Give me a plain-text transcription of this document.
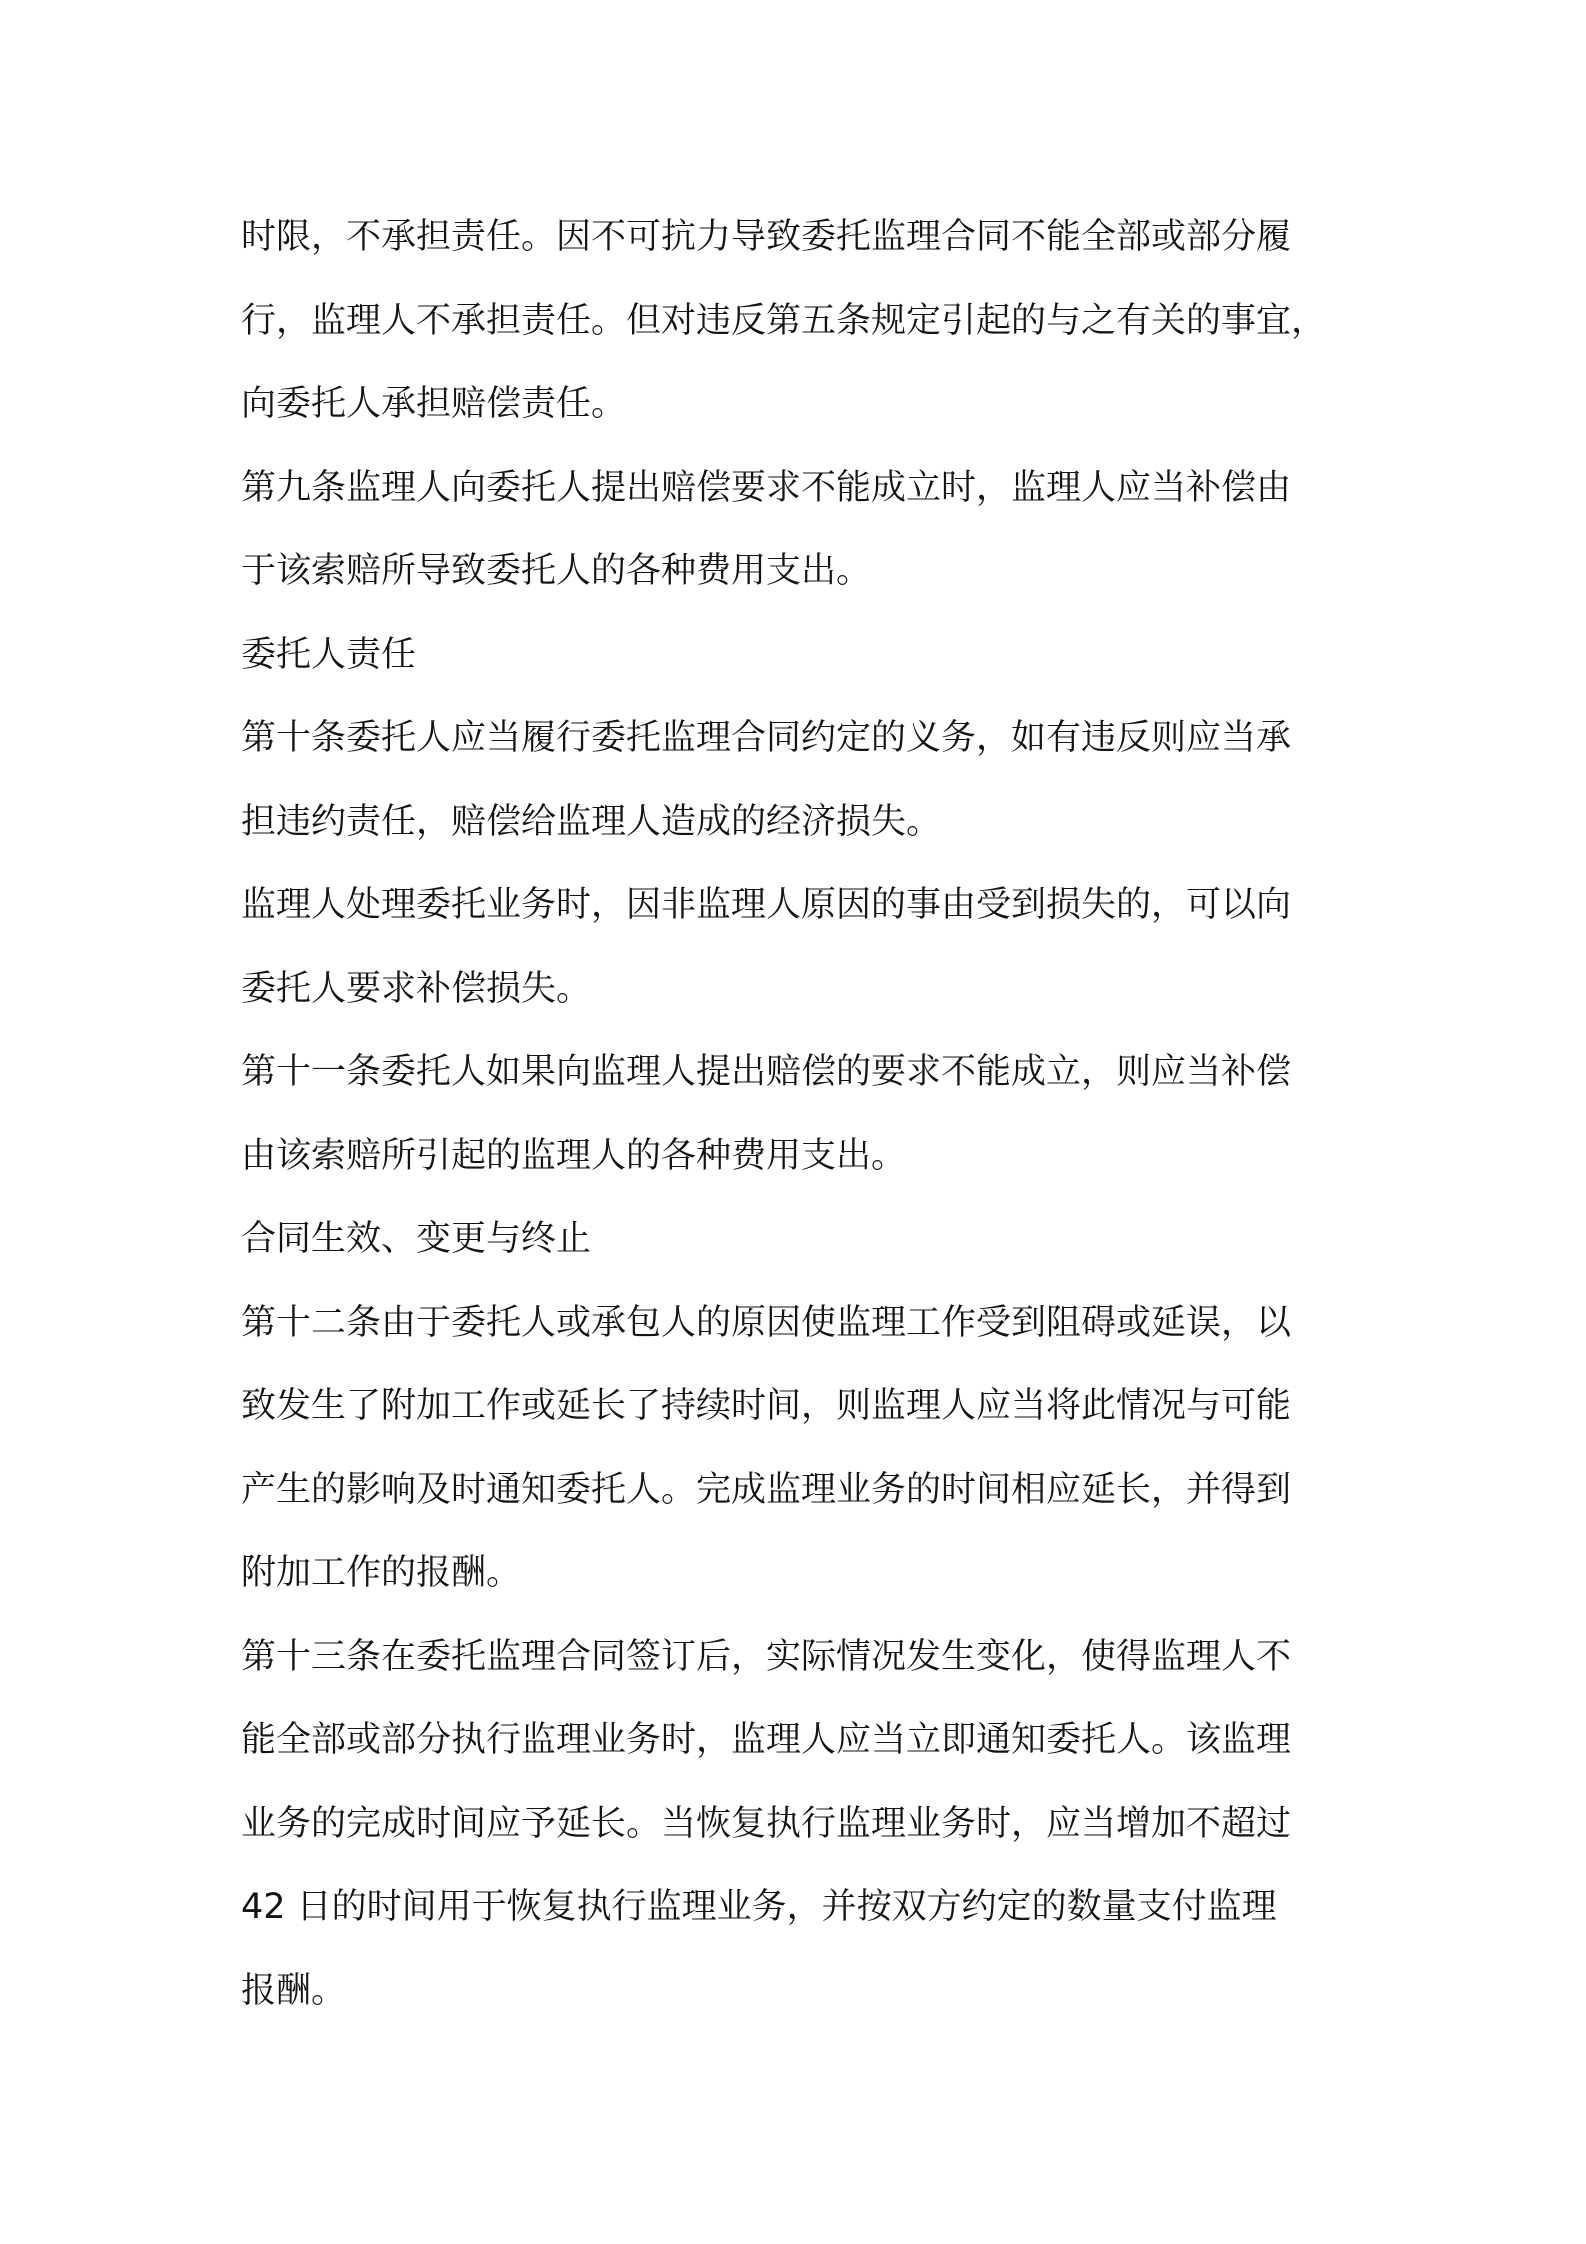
时限，不承担责任。因不可抗力导致委托监理合同不能全部或部分履
行，监理人不承担责任。但对违反第五条规定引起的与之有关的事宜，
向委托人承担赔偿责任。

第九条监理人向委托人提出赔偿要求不能成立时，监理人应当补偿由
于该索赔所导致委托人的各种费用支出。

委托人责任

第十条委托人应当履行委托监理合同约定的义务，如有违反则应当承
担违约责任，赔偿给监理人造成的经济损失。

监理人处理委托业务时，因非监理人原因的事由受到损失的，可以向
委托人要求补偿损失。

第十一条委托人如果向监理人提出赔偿的要求不能成立，则应当补偿
由该索赔所引起的监理人的各种费用支出。

合同生效、变更与终止

第十二条由于委托人或承包人的原因使监理工作受到阻碍或延误，以
致发生了附加工作或延长了持续时间，则监理人应当将此情况与可能
产生的影响及时通知委托人。完成监理业务的时间相应延长，并得到
附加工作的报酬。

第十三条在委托监理合同签订后，实际情况发生变化，使得监理人不
能全部或部分执行监理业务时，监理人应当立即通知委托人。该监理
业务的完成时间应予延长。当恢复执行监理业务时，应当增加不超过
42 日的时间用于恢复执行监理业务，并按双方约定的数量支付监理
报酬。
